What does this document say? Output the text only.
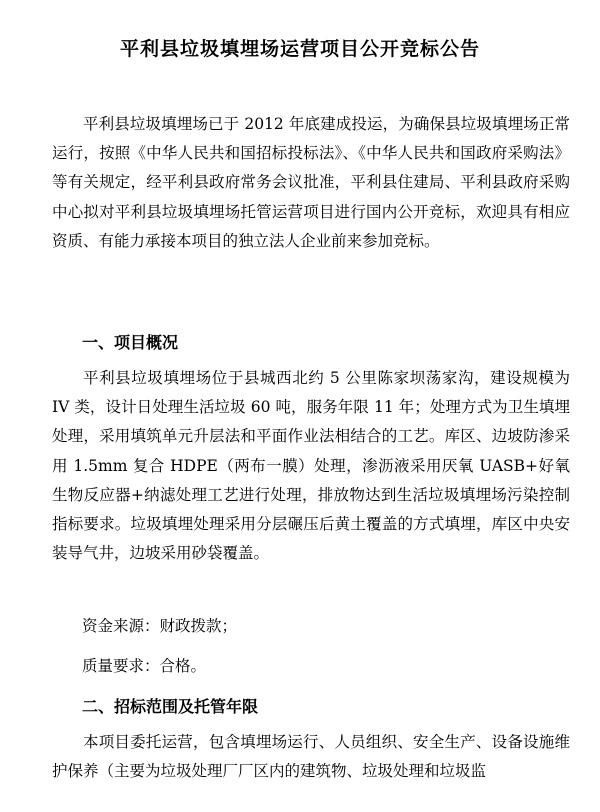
平利县垃圾填埋场运营项目公开竞标公告
平利县垃圾填埋场已于 2012 年底建成投运，为确保县垃圾填埋场正常运行，按照《中华人民共和国招标投标法》、《中华人民共和国政府采购法》等有关规定，经平利县政府常务会议批准，平利县住建局、平利县政府采购中心拟对平利县垃圾填埋场托管运营项目进行国内公开竞标，欢迎具有相应资质、有能力承接本项目的独立法人企业前来参加竞标。
一、项目概况
平利县垃圾填埋场位于县城西北约 5 公里陈家坝荡家沟，建设规模为 IV 类，设计日处理生活垃圾 60 吨，服务年限 11 年；处理方式为卫生填埋处理，采用填筑单元升层法和平面作业法相结合的工艺。库区、边坡防渗采用 1.5mm 复合 HDPE（两布一膜）处理，渗沥液采用厌氧 UASB+好氧生物反应器+纳滤处理工艺进行处理，排放物达到生活垃圾填埋场污染控制指标要求。垃圾填埋处理采用分层碾压后黄土覆盖的方式填埋，库区中央安装导气井，边坡采用砂袋覆盖。
资金来源：财政拨款；
质量要求：合格。
二、招标范围及托管年限
本项目委托运营，包含填埋场运行、人员组织、安全生产、设备设施维护保养（主要为垃圾处理厂厂区内的建筑物、垃圾处理和垃圾监
